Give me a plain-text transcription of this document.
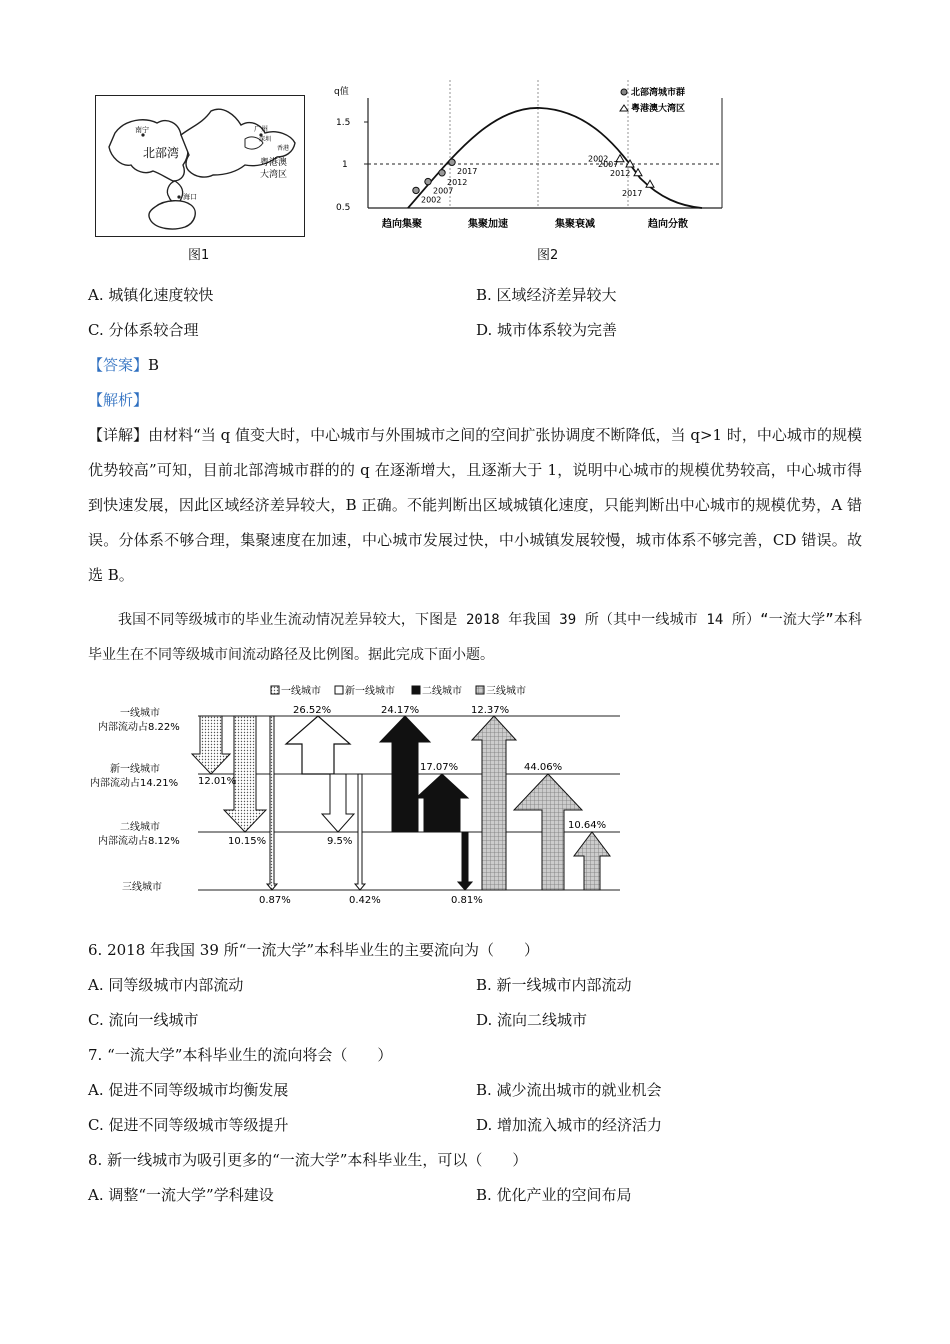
南宁
北部湾
广州
深圳
香港
粤港澳
大湾区
海口
图1
q值
1.5
1
0.5
2002
2007
2012
2017
2002
2007
2012
2017
北部湾城市群
粤港澳大湾区
趋向集聚	集聚加速	集聚衰减	趋向分散
图2
A. 城镇化速度较快	B. 区域经济差异较大
C. 分体系较合理	D. 城市体系较为完善
【答案】B
【解析】
【详解】由材料“当 q 值变大时，中心城市与外围城市之间的空间扩张协调度不断降低，当 q>1 时，中心城市的规模优势较高”可知，目前北部湾城市群的的 q 在逐渐增大，且逐渐大于 1，说明中心城市的规模优势较高，中心城市得到快速发展，因此区域经济差异较大，B 正确。不能判断出区域城镇化速度，只能判断出中心城市的规模优势，A 错误。分体系不够合理，集聚速度在加速，中心城市发展过快，中小城镇发展较慢，城市体系不够完善，CD 错误。故选 B。
我国不同等级城市的毕业生流动情况差异较大，下图是 2018 年我国 39 所（其中一线城市 14 所）“一流大学”本科毕业生在不同等级城市间流动路径及比例图。据此完成下面小题。
一线城市 新一线城市	二线城市 三线城市
一线城市
内部流动占8.22%
新一线城市
内部流动占14.21%
二线城市
内部流动占8.12%
三线城市
12.01%
10.15%
0.87%
26.52%
9.5%
0.42%
24.17%
17.07%
0.81%
12.37%
44.06%
10.64%
6. 2018 年我国 39 所“一流大学”本科毕业生的主要流向为（　　）
A. 同等级城市内部流动	B. 新一线城市内部流动
C. 流向一线城市	D. 流向二线城市
7. “一流大学”本科毕业生的流向将会（　　）
A. 促进不同等级城市均衡发展	B. 减少流出城市的就业机会
C. 促进不同等级城市等级提升	D. 增加流入城市的经济活力
8. 新一线城市为吸引更多的“一流大学”本科毕业生，可以（　　）
A. 调整“一流大学”学科建设	B. 优化产业的空间布局
